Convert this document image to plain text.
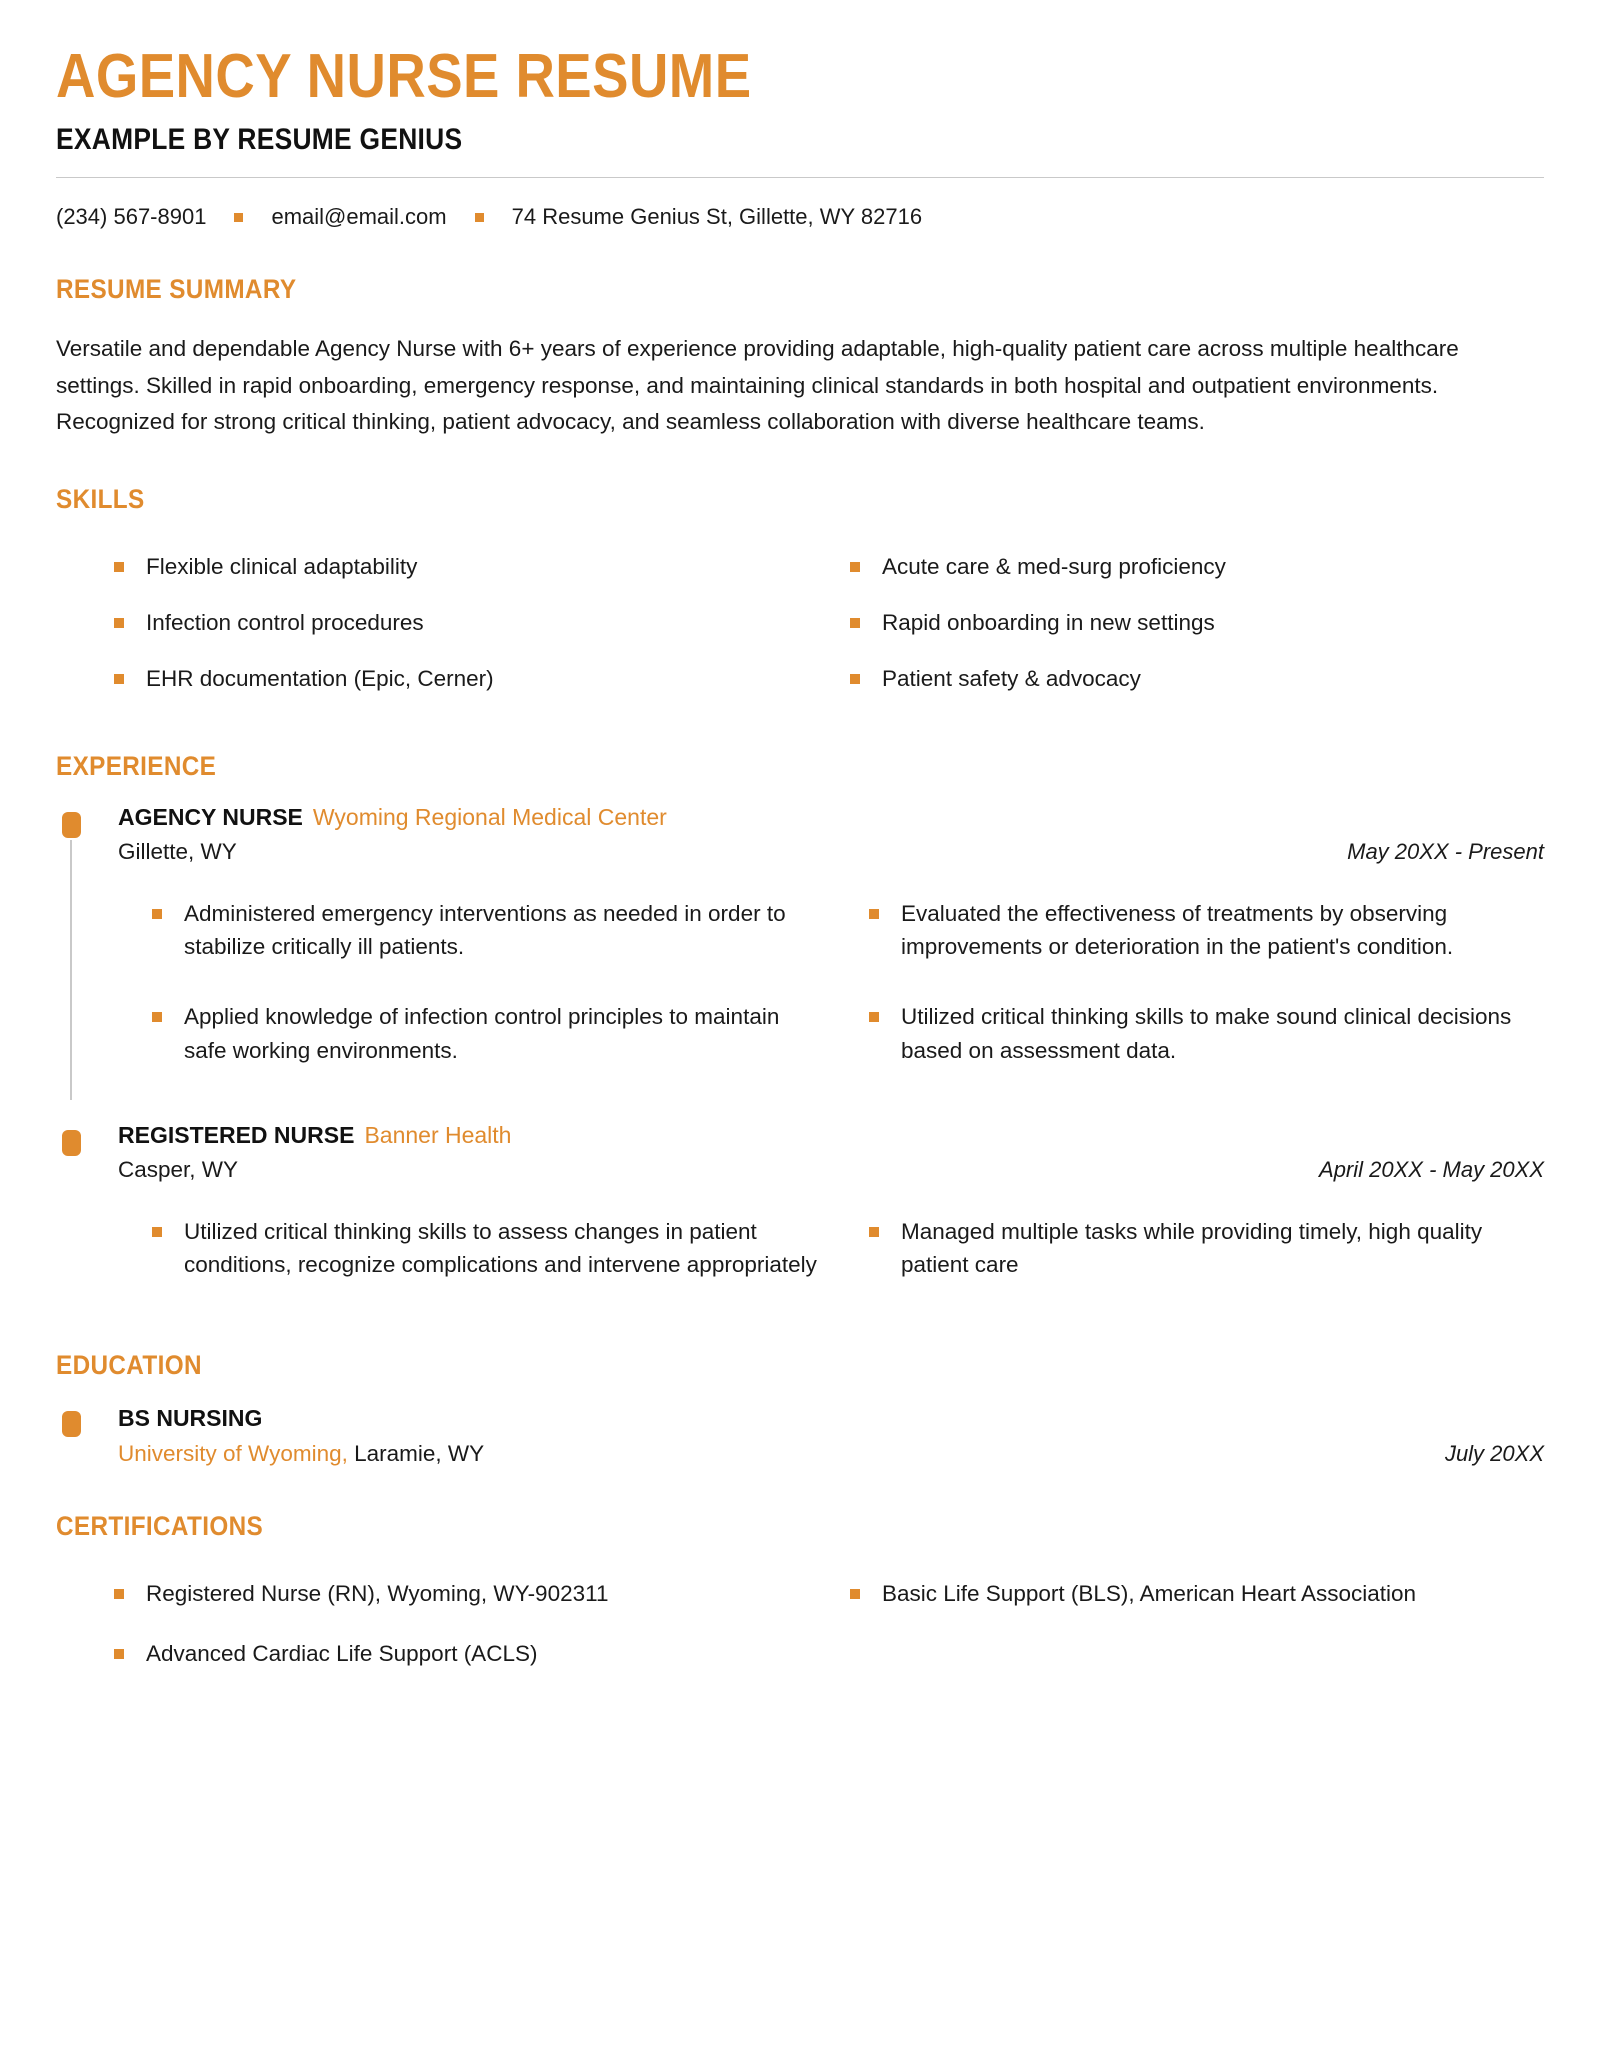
AGENCY NURSE RESUME
EXAMPLE BY RESUME GENIUS
(234) 567-8901	email@email.com	74 Resume Genius St, Gillette, WY 82716
RESUME SUMMARY
Versatile and dependable Agency Nurse with 6+ years of experience providing adaptable, high-quality patient care across multiple healthcare settings. Skilled in rapid onboarding, emergency response, and maintaining clinical standards in both hospital and outpatient environments. Recognized for strong critical thinking, patient advocacy, and seamless collaboration with diverse healthcare teams.
SKILLS
Flexible clinical adaptability	Acute care & med-surg proficiency
Infection control procedures	Rapid onboarding in new settings
EHR documentation (Epic, Cerner)	Patient safety & advocacy
EXPERIENCE
AGENCY NURSE Wyoming Regional Medical Center
Gillette, WY	May 20XX - Present
Administered emergency interventions as needed in order to stabilize critically ill patients.
Evaluated the effectiveness of treatments by observing improvements or deterioration in the patient's condition.
Applied knowledge of infection control principles to maintain safe working environments.
Utilized critical thinking skills to make sound clinical decisions based on assessment data.
REGISTERED NURSE Banner Health
Casper, WY	April 20XX - May 20XX
Utilized critical thinking skills to assess changes in patient conditions, recognize complications and intervene appropriately
Managed multiple tasks while providing timely, high quality patient care
EDUCATION
BS NURSING
University of Wyoming, Laramie, WY	July 20XX
CERTIFICATIONS
Registered Nurse (RN), Wyoming, WY-902311	Basic Life Support (BLS), American Heart Association
Advanced Cardiac Life Support (ACLS)
